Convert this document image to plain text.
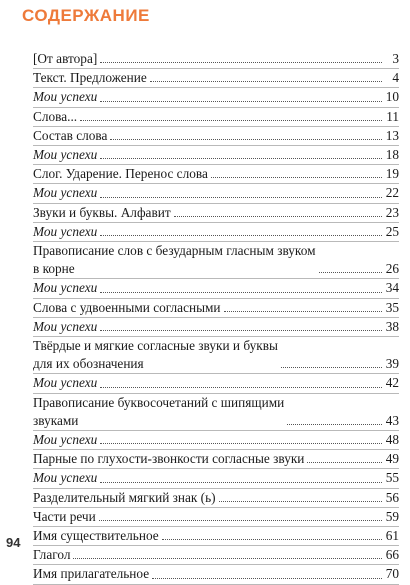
СОДЕРЖАНИЕ
[От автора]	3
Текст. Предложение	4
Мои успехи	10
Слова...	11
Состав слова	13
Мои успехи	18
Слог. Ударение. Перенос слова	19
Мои успехи	22
Звуки и буквы. Алфавит	23
Мои успехи	25
Правописание слов с безударным гласным звуком
в корне	26
Мои успехи	34
Слова с удвоенными согласными	35
Мои успехи	38
Твёрдые и мягкие согласные звуки и буквы
для их обозначения	39
Мои успехи	42
Правописание буквосочетаний с шипящими
звуками	43
Мои успехи	48
Парные по глухости-звонкости согласные звуки	49
Мои успехи	55
Разделительный мягкий знак (ь)	56
Части речи	59
Имя существительное	61
Глагол	66
Имя прилагательное	70
94
